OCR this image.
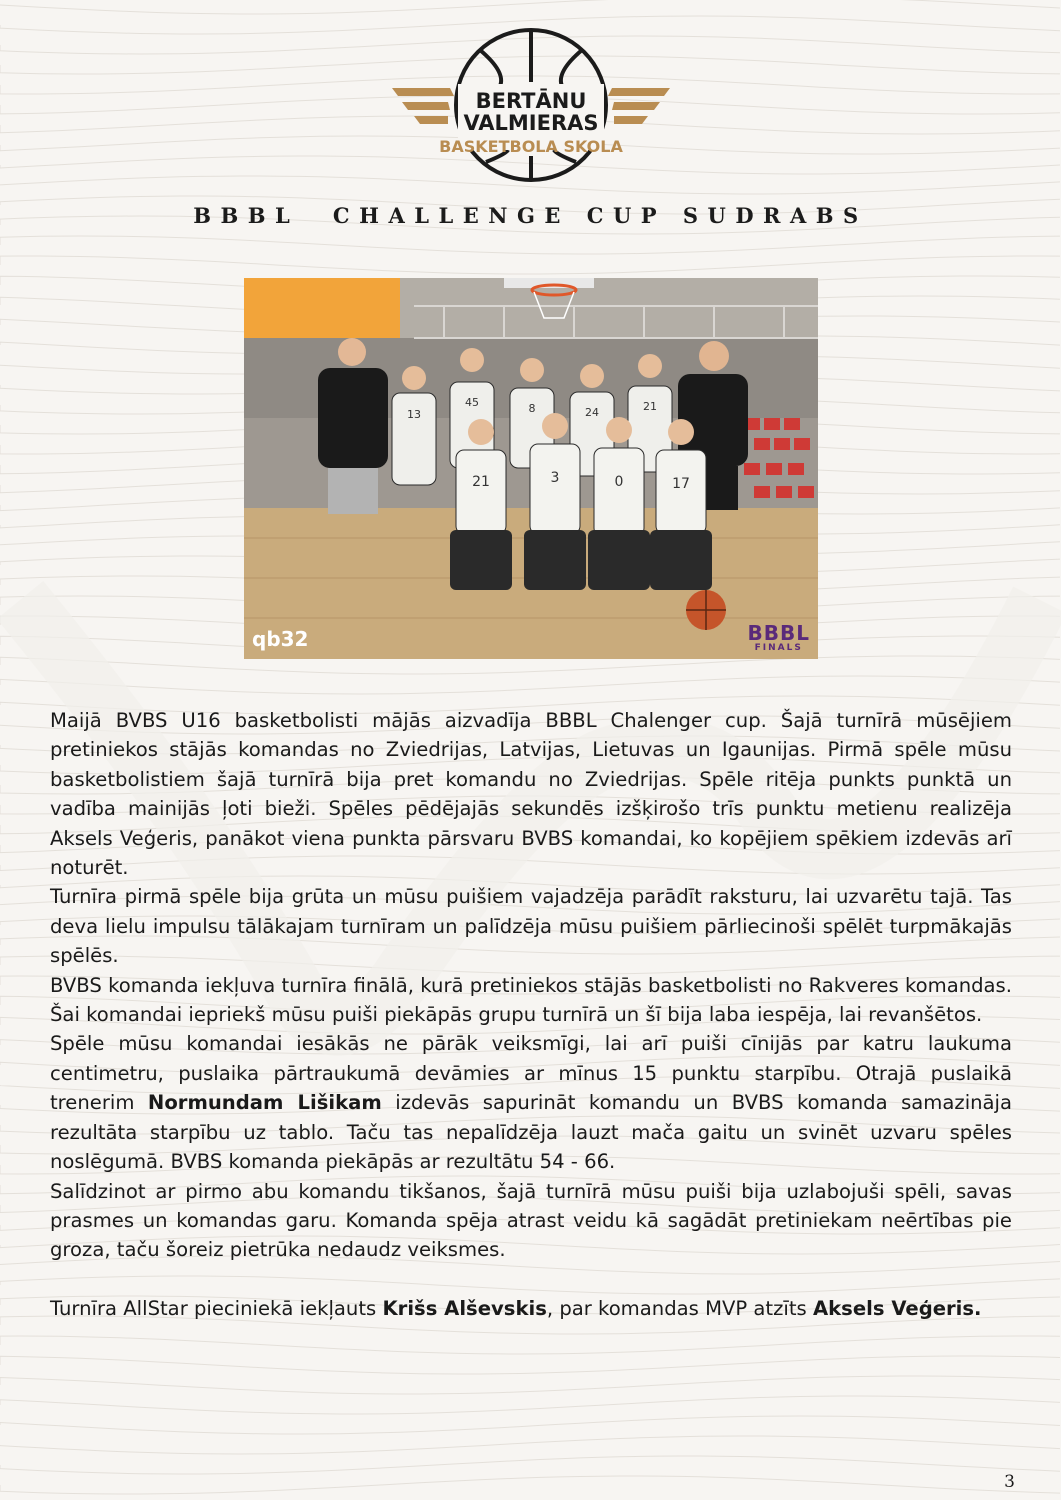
BERTĀNU
VALMIERAS
BASKETBOLA SKOLA
BBBL  CHALLENGE CUP SUDRABS
13
45	8	24	21
21	3	0	17
qb32	BBBL
FINALS

Maijā BVBS U16 basketbolisti mājās aizvadīja BBBL Chalenger cup. Šajā turnīrā mūsējiem pretiniekos stājās komandas no Zviedrijas, Latvijas, Lietuvas un Igaunijas. Pirmā spēle mūsu basketbolistiem šajā turnīrā bija pret komandu no Zviedrijas. Spēle ritēja punkts punktā un vadība mainijās ļoti bieži. Spēles pēdējajās sekundēs izšķirošo trīs punktu metienu realizēja Aksels Veģeris, panākot viena punkta pārsvaru BVBS komandai, ko kopējiem spēkiem izdevās arī noturēt.

Turnīra pirmā spēle bija grūta un mūsu puišiem vajadzēja parādīt raksturu, lai uzvarētu tajā. Tas deva lielu impulsu tālākajam turnīram un palīdzēja mūsu puišiem pārliecinoši spēlēt turpmākajās spēlēs.

BVBS komanda iekļuva turnīra finālā, kurā pretiniekos stājās basketbolisti no Rakveres komandas. Šai komandai iepriekš mūsu puiši piekāpās grupu turnīrā un šī bija laba iespēja, lai revanšētos.

Spēle mūsu komandai iesākās ne pārāk veiksmīgi, lai arī puiši cīnijās par katru laukuma centimetru, puslaika pārtraukumā devāmies ar mīnus 15 punktu starpību. Otrajā puslaikā trenerim Normundam Lišikam izdevās sapurināt komandu un BVBS komanda samazināja rezultāta starpību uz tablo. Taču tas nepalīdzēja lauzt mača gaitu un svinēt uzvaru spēles noslēgumā. BVBS komanda piekāpās ar rezultātu 54 - 66.

Salīdzinot ar pirmo abu komandu tikšanos, šajā turnīrā mūsu puiši bija uzlabojuši spēli, savas prasmes un komandas garu. Komanda spēja atrast veidu kā sagādāt pretiniekam neērtības pie groza, taču šoreiz pietrūka nedaudz veiksmes.

Turnīra AllStar pieciniekā iekļauts Krišs Alševskis, par komandas MVP atzīts Aksels Veģeris.

3
